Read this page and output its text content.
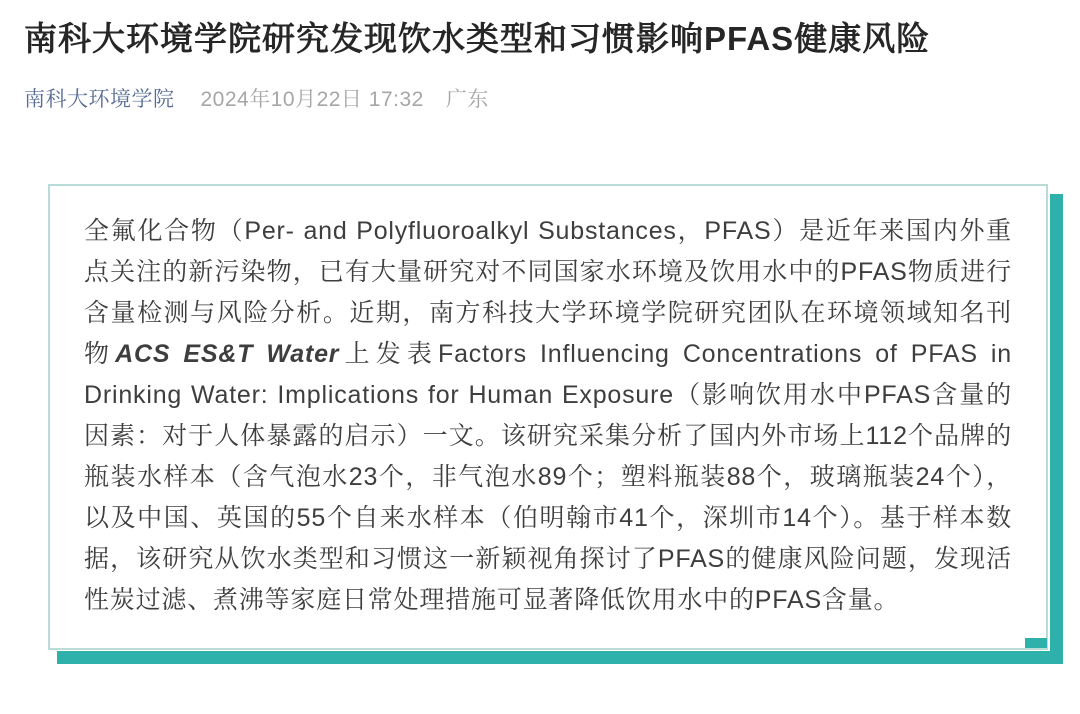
南科大环境学院研究发现饮水类型和习惯影响PFAS健康风险
南科大环境学院 2024年10月22日 17:32 广东

全氟化合物（Per- and Polyfluoroalkyl Substances，PFAS）是近年来国内外重点关注的新污染物，已有大量研究对不同国家水环境及饮用水中的PFAS物质进行含量检测与风险分析。近期，南方科技大学环境学院研究团队在环境领域知名刊物ACS ES&T Water上发表Factors Influencing Concentrations of PFAS in Drinking Water: Implications for Human Exposure（影响饮用水中PFAS含量的因素：对于人体暴露的启示）一文。该研究采集分析了国内外市场上112个品牌的瓶装水样本（含气泡水23个，非气泡水89个；塑料瓶装88个，玻璃瓶装24个），以及中国、英国的55个自来水样本（伯明翰市41个，深圳市14个）。基于样本数据，该研究从饮水类型和习惯这一新颖视角探讨了PFAS的健康风险问题，发现活性炭过滤、煮沸等家庭日常处理措施可显著降低饮用水中的PFAS含量。
